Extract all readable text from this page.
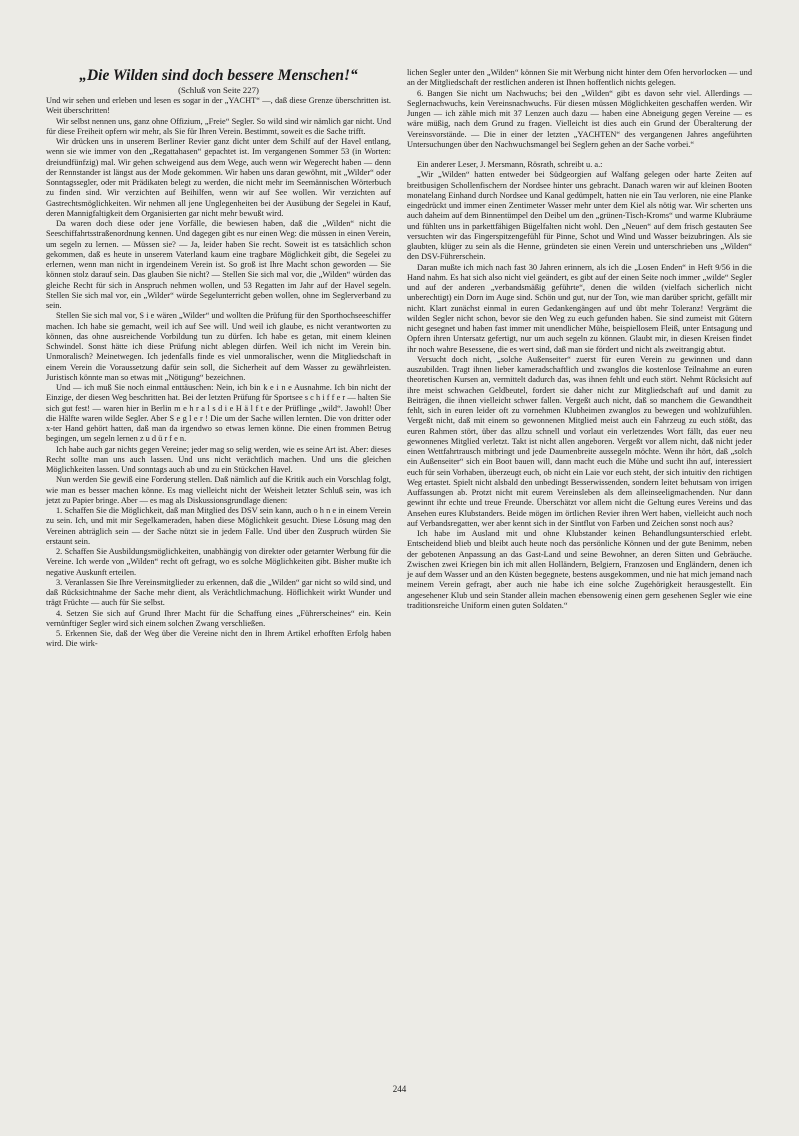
„Die Wilden sind doch bessere Menschen!“
(Schluß von Seite 227)

Und wir sehen und erleben und lesen es sogar in der „YACHT“ —, daß diese Grenze überschritten ist. Weit überschritten!

Wir selbst nennen uns, ganz ohne Offizium, „Freie“ Segler. So wild sind wir nämlich gar nicht. Und für diese Freiheit opfern wir mehr, als Sie für Ihren Verein. Bestimmt, soweit es die Sache trifft.

Wir drücken uns in unserem Berliner Revier ganz dicht unter dem Schilf auf der Havel entlang, wenn sie wie immer von den „Regattahasen“ gepachtet ist. Im vergangenen Sommer 53 (in Worten: dreiundfünfzig) mal. Wir gehen schweigend aus dem Wege, auch wenn wir Wegerecht haben — denn der Rennstander ist längst aus der Mode gekommen. Wir haben uns daran gewöhnt, mit „Wilder“ oder Sonntagssegler, oder mit Prädikaten belegt zu werden, die nicht mehr im Seemännischen Wörterbuch zu finden sind. Wir verzichten auf Beihilfen, wenn wir auf See wollen. Wir verzichten auf Gastrechtsmöglichkeiten. Wir nehmen all jene Unglegenheiten bei der Ausübung der Segelei in Kauf, deren Mannigfaltigkeit dem Organisierten gar nicht mehr bewußt wird.

Da waren doch diese oder jene Vorfälle, die bewiesen haben, daß die „Wilden“ nicht die Seeschiffahrtsstraßenordnung kennen. Und dagegen gibt es nur einen Weg: die müssen in einen Verein, um segeln zu lernen. — Müssen sie? — Ja, leider haben Sie recht. Soweit ist es tatsächlich schon gekommen, daß es heute in unserem Vaterland kaum eine tragbare Möglichkeit gibt, die Segelei zu erlernen, wenn man nicht in irgendeinem Verein ist. So groß ist Ihre Macht schon geworden — Sie können stolz darauf sein. Das glauben Sie nicht? — Stellen Sie sich mal vor, die „Wilden“ würden das gleiche Recht für sich in Anspruch nehmen wollen, und 53 Regatten im Jahr auf der Havel segeln. Stellen Sie sich mal vor, ein „Wilder“ würde Segelunterricht geben wollen, ohne im Seglerverband zu sein.

Stellen Sie sich mal vor, S i e wären „Wilder“ und wollten die Prüfung für den Sporthochseeschiffer machen. Ich habe sie gemacht, weil ich auf See will. Und weil ich glaube, es nicht verantworten zu können, das ohne ausreichende Vorbildung tun zu dürfen. Ich habe es getan, mit einem kleinen Schwindel. Sonst hätte ich diese Prüfung nicht ablegen dürfen. Weil ich nicht im Verein bin. Unmoralisch? Meinetwegen. Ich jedenfalls finde es viel unmoralischer, wenn die Mitgliedschaft in einem Verein die Voraussetzung dafür sein soll, die Sicherheit auf dem Wasser zu gewährleisten. Juristisch könnte man so etwas mit „Nötigung“ bezeichnen.

Und — ich muß Sie noch einmal enttäuschen: Nein, ich bin k e i n e Ausnahme. Ich bin nicht der Einzige, der diesen Weg beschritten hat. Bei der letzten Prüfung für Sportsee s c h i f f e r — halten Sie sich gut fest! — waren hier in Berlin m e h r a l s d i e H ä l f t e der Prüflinge „wild“. Jawohl! Über die Hälfte waren wilde Segler. Aber S e g l e r ! Die um der Sache willen lernten. Die von dritter oder x-ter Hand gehört hatten, daß man da irgendwo so etwas lernen könne. Die einen frommen Betrug begingen, um segeln lernen z u d ü r f e n.

Ich habe auch gar nichts gegen Vereine; jeder mag so selig werden, wie es seine Art ist. Aber: dieses Recht sollte man uns auch lassen. Und uns nicht verächtlich machen. Und uns die gleichen Möglichkeiten lassen. Und sonntags auch ab und zu ein Stückchen Havel.

Nun werden Sie gewiß eine Forderung stellen. Daß nämlich auf die Kritik auch ein Vorschlag folgt, wie man es besser machen könne. Es mag vielleicht nicht der Weisheit letzter Schluß sein, was ich jetzt zu Papier bringe. Aber — es mag als Diskussionsgrundlage dienen:

1. Schaffen Sie die Möglichkeit, daß man Mitglied des DSV sein kann, auch o h n e in einem Verein zu sein. Ich, und mit mir Segelkameraden, haben diese Möglichkeit gesucht. Diese Lösung mag den Vereinen abträglich sein — der Sache nützt sie in jedem Falle. Und über den Zuspruch würden Sie erstaunt sein.

2. Schaffen Sie Ausbildungsmöglichkeiten, unabhängig von direkter oder getarnter Werbung für die Vereine. Ich werde von „Wilden“ recht oft gefragt, wo es solche Möglichkeiten gibt. Bisher mußte ich negative Auskunft erteilen.

3. Veranlassen Sie Ihre Vereinsmitglieder zu erkennen, daß die „Wilden“ gar nicht so wild sind, und daß Rücksichtnahme der Sache mehr dient, als Verächtlichmachung. Höflichkeit wirkt Wunder und trägt Früchte — auch für Sie selbst.

4. Setzen Sie sich auf Grund Ihrer Macht für die Schaffung eines „Führerscheines“ ein. Kein vernünftiger Segler wird sich einem solchen Zwang verschließen.

5. Erkennen Sie, daß der Weg über die Vereine nicht den in Ihrem Artikel erhofften Erfolg haben wird. Die wirk-

lichen Segler unter den „Wilden“ können Sie mit Werbung nicht hinter dem Ofen hervorlocken — und an der Mitgliedschaft der restlichen anderen ist Ihnen hoffentlich nichts gelegen.

6. Bangen Sie nicht um Nachwuchs; bei den „Wilden“ gibt es davon sehr viel. Allerdings — Seglernachwuchs, kein Vereinsnachwuchs. Für diesen müssen Möglichkeiten geschaffen werden. Wir Jungen — ich zähle mich mit 37 Lenzen auch dazu — haben eine Abneigung gegen Vereine — es wäre müßig, nach dem Grund zu fragen. Vielleicht ist dies auch ein Grund der Überalterung der Vereinsvorstände. — Die in einer der letzten „YACHTEN“ des vergangenen Jahres angeführten Untersuchungen über den Nachwuchsmangel bei Seglern gehen an der Sache vorbei.“

Ein anderer Leser, J. Mersmann, Rösrath, schreibt u. a.:

„Wir „Wilden“ hatten entweder bei Südgeorgien auf Walfang gelegen oder harte Zeiten auf breitbusigen Schollenfischern der Nordsee hinter uns gebracht. Danach waren wir auf kleinen Booten monatelang Einhand durch Nordsee und Kanal gedümpelt, hatten nie ein Tau verloren, nie eine Planke eingedrückt und immer einen Zentimeter Wasser mehr unter dem Kiel als nötig war. Wir scherten uns auch daheim auf dem Binnentümpel den Deibel um den „grünen-Tisch-Kroms“ und warme Klubräume und fühlten uns in parkettfähigen Bügelfalten nicht wohl. Den „Neuen“ auf dem frisch gestauten See versuchten wir das Fingerspitzengefühl für Pinne, Schot und Wind und Wasser beizubringen. Als sie glaubten, klüger zu sein als die Henne, gründeten sie einen Verein und unterschrieben uns „Wilden“ den DSV-Führerschein.

Daran mußte ich mich nach fast 30 Jahren erinnern, als ich die „Losen Enden“ in Heft 9/56 in die Hand nahm. Es hat sich also nicht viel geändert, es gibt auf der einen Seite noch immer „wilde“ Segler und auf der anderen „verbandsmäßig geführte“, denen die wilden (vielfach sicherlich nicht unberechtigt) ein Dorn im Auge sind. Schön und gut, nur der Ton, wie man darüber spricht, gefällt mir nicht. Klart zunächst einmal in euren Gedankengängen auf und übt mehr Toleranz! Vergrämt die wilden Segler nicht schon, bevor sie den Weg zu euch gefunden haben. Sie sind zumeist mit Gütern nicht gesegnet und haben fast immer mit unendlicher Mühe, beispiellosem Fleiß, unter Entsagung und Opfern ihren Untersatz gefertigt, nur um auch segeln zu können. Glaubt mir, in diesen Kreisen findet ihr noch wahre Besessene, die es wert sind, daß man sie fördert und nicht als zweitrangig abtut.

Versucht doch nicht, „solche Außenseiter“ zuerst für euren Verein zu gewinnen und dann auszubilden. Tragt ihnen lieber kameradschaftlich und zwanglos die kostenlose Teilnahme an euren theoretischen Kursen an, vermittelt dadurch das, was ihnen fehlt und euch stört. Nehmt Rücksicht auf ihre meist schwachen Geldbeutel, fordert sie daher nicht zur Mitgliedschaft auf und damit zu Beiträgen, die ihnen vielleicht schwer fallen. Vergeßt auch nicht, daß so manchem die Gewandtheit fehlt, sich in euren leider oft zu vornehmen Klubheimen zwanglos zu bewegen und wohlzufühlen. Vergeßt nicht, daß mit einem so gewonnenen Mitglied meist auch ein Fahrzeug zu euch stößt, das euren Rahmen stört, über das allzu schnell und vorlaut ein verletzendes Wort fällt, das euer neu gewonnenes Mitglied verletzt. Takt ist nicht allen angeboren. Vergeßt vor allem nicht, daß nicht jeder einen Wettfahrtrausch mitbringt und jede Daumenbreite aussegeln möchte. Wenn ihr hört, daß „solch ein Außenseiter“ sich ein Boot bauen will, dann macht euch die Mühe und sucht ihn auf, interessiert euch für sein Vorhaben, überzeugt euch, ob nicht ein Laie vor euch steht, der sich intuitiv den richtigen Weg ertastet. Spielt nicht alsbald den unbedingt Besserwissenden, sondern leitet behutsam von irrigen Auffassungen ab. Protzt nicht mit eurem Vereinsleben als dem alleinseeligmachenden. Nur dann gewinnt ihr echte und treue Freunde. Überschätzt vor allem nicht die Geltung eures Vereins und das Ansehen eures Klubstanders. Beide mögen im örtlichen Revier ihren Wert haben, vielleicht auch noch auf Verbandsregatten, wer aber kennt sich in der Sintflut von Farben und Zeichen sonst noch aus?

Ich habe im Ausland mit und ohne Klubstander keinen Behandlungsunterschied erlebt. Entscheidend blieb und bleibt auch heute noch das persönliche Können und der gute Benimm, neben der gebotenen Anpassung an das Gast-Land und seine Bewohner, an deren Sitten und Gebräuche. Zwischen zwei Kriegen bin ich mit allen Holländern, Belgiern, Franzosen und Engländern, denen ich je auf dem Wasser und an den Küsten begegnete, bestens ausgekommen, und nie hat mich jemand nach meinem Verein gefragt, aber auch nie habe ich eine solche Zugehörigkeit herausgestellt. Ein angesehener Klub und sein Stander allein machen ebensowenig einen gern gesehenen Segler wie eine traditionsreiche Uniform einen guten Soldaten.“

244
